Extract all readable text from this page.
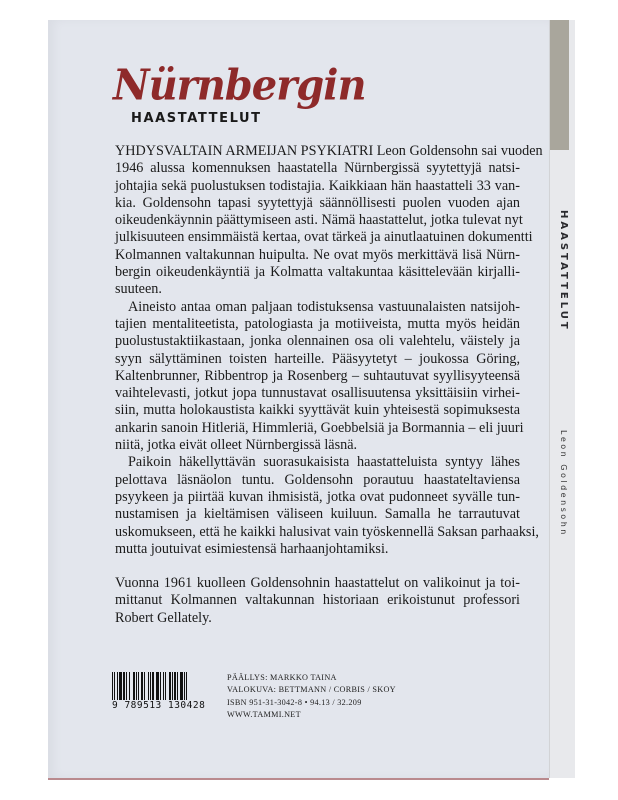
Nürnbergin
HAASTATTELUT
YHDYSVALTAIN ARMEIJAN PSYKIATRI Leon Goldensohn sai vuoden
1946 alussa komennuksen haastatella Nürnbergissä syytettyjä natsi-
johtajia sekä puolustuksen todistajia. Kaikkiaan hän haastatteli 33 van-
kia. Goldensohn tapasi syytettyjä säännöllisesti puolen vuoden ajan
oikeudenkäynnin päättymiseen asti. Nämä haastattelut, jotka tulevat nyt
julkisuuteen ensimmäistä kertaa, ovat tärkeä ja ainutlaatuinen dokumentti
Kolmannen valtakunnan huipulta. Ne ovat myös merkittävä lisä Nürn-
bergin oikeudenkäyntiä ja Kolmatta valtakuntaa käsittelevään kirjalli-
suuteen.
Aineisto antaa oman paljaan todistuksensa vastuunalaisten natsijoh-
tajien mentaliteetista, patologiasta ja motiiveista, mutta myös heidän
puolustustaktiikastaan, jonka olennainen osa oli valehtelu, väistely ja
syyn sälyttäminen toisten harteille. Pääsyytetyt – joukossa Göring,
Kaltenbrunner, Ribbentrop ja Rosenberg – suhtautuvat syyllisyyteensä
vaihtelevasti, jotkut jopa tunnustavat osallisuutensa yksittäisiin virhei-
siin, mutta holokaustista kaikki syyttävät kuin yhteisestä sopimuksesta
ankarin sanoin Hitleriä, Himmleriä, Goebbelsiä ja Bormannia – eli juuri
niitä, jotka eivät olleet Nürnbergissä läsnä.
Paikoin häkellyttävän suorasukaisista haastatteluista syntyy lähes
pelottava läsnäolon tuntu. Goldensohn porautuu haastateltaviensa
psyykeen ja piirtää kuvan ihmisistä, jotka ovat pudonneet syvälle tun-
nustamisen ja kieltämisen väliseen kuiluun. Samalla he tarrautuvat
uskomukseen, että he kaikki halusivat vain työskennellä Saksan parhaaksi,
mutta joutuivat esimiestensä harhaanjohtamiksi.
Vuonna 1961 kuolleen Goldensohnin haastattelut on valikoinut ja toi-
mittanut Kolmannen valtakunnan historiaan erikoistunut professori
Robert Gellately.
9 789513 130428
PÄÄLLYS: MARKKO TAINA
VALOKUVA: BETTMANN / CORBIS / SKOY
ISBN 951-31-3042-8 • 94.13 / 32.209
WWW.TAMMI.NET
HAASTATTELUT
Leon Goldensohn
